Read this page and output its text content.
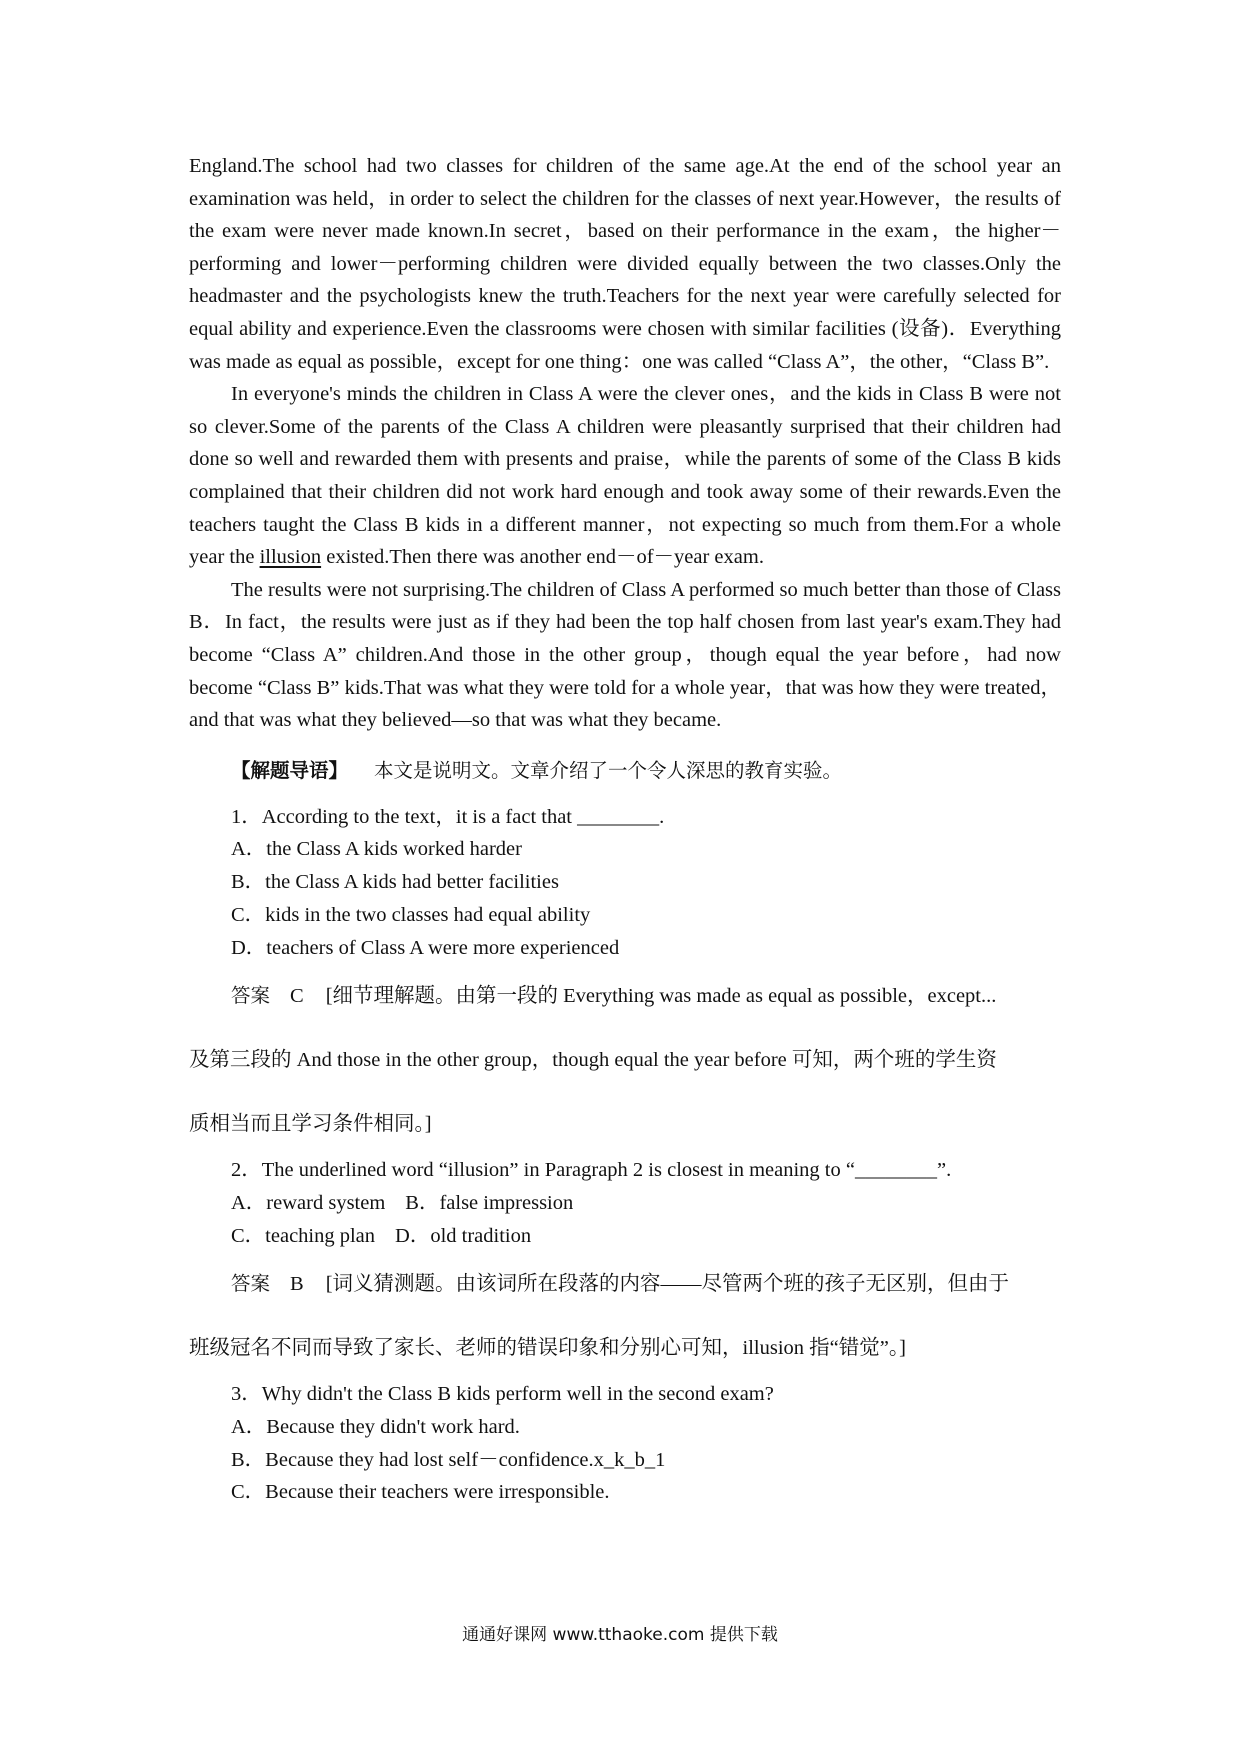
England.The school had two classes for children of the same age.At the end of the school year an examination was held，in order to select the children for the classes of next year.However，the results of the exam were never made known.In secret，based on their performance in the exam，the higher－performing and lower－performing children were divided equally between the two classes.Only the headmaster and the psychologists knew the truth.Teachers for the next year were carefully selected for equal ability and experience.Even the classrooms were chosen with similar facilities (设备)．Everything was made as equal as possible，except for one thing：one was called “Class A”，the other，“Class B”.

In everyone's minds the children in Class A were the clever ones，and the kids in Class B were not so clever.Some of the parents of the Class A children were pleasantly surprised that their children had done so well and rewarded them with presents and praise，while the parents of some of the Class B kids complained that their children did not work hard enough and took away some of their rewards.Even the teachers taught the Class B kids in a different manner，not expecting so much from them.For a whole year the illusion existed.Then there was another end－of－year exam.

The results were not surprising.The children of Class A performed so much better than those of Class B．In fact，the results were just as if they had been the top half chosen from last year's exam.They had become “Class A” children.And those in the other group，though equal the year before，had now become “Class B” kids.That was what they were told for a whole year，that was how they were treated，and that was what they believed—so that was what they became.

【解题导语】 本文是说明文。文章介绍了一个令人深思的教育实验。
1．According to the text，it is a fact that ________.
A．the Class A kids worked harder
B．the Class A kids had better facilities
C．kids in the two classes had equal ability
D．teachers of Class A were more experienced
答案 C [细节理解题。由第一段的 Everything was made as equal as possible，except...
及第三段的 And those in the other group，though equal the year before 可知，两个班的学生资
质相当而且学习条件相同。]
2．The underlined word “illusion” in Paragraph 2 is closest in meaning to “________”.
A．reward system B．false impression
C．teaching plan D．old tradition
答案 B [词义猜测题。由该词所在段落的内容——尽管两个班的孩子无区别，但由于
班级冠名不同而导致了家长、老师的错误印象和分别心可知，illusion 指“错觉”。]
3．Why didn't the Class B kids perform well in the second exam?
A．Because they didn't work hard.
B．Because they had lost self－confidence.x_k_b_1
C．Because their teachers were irresponsible.
通通好课网 www.tthaoke.com 提供下载
